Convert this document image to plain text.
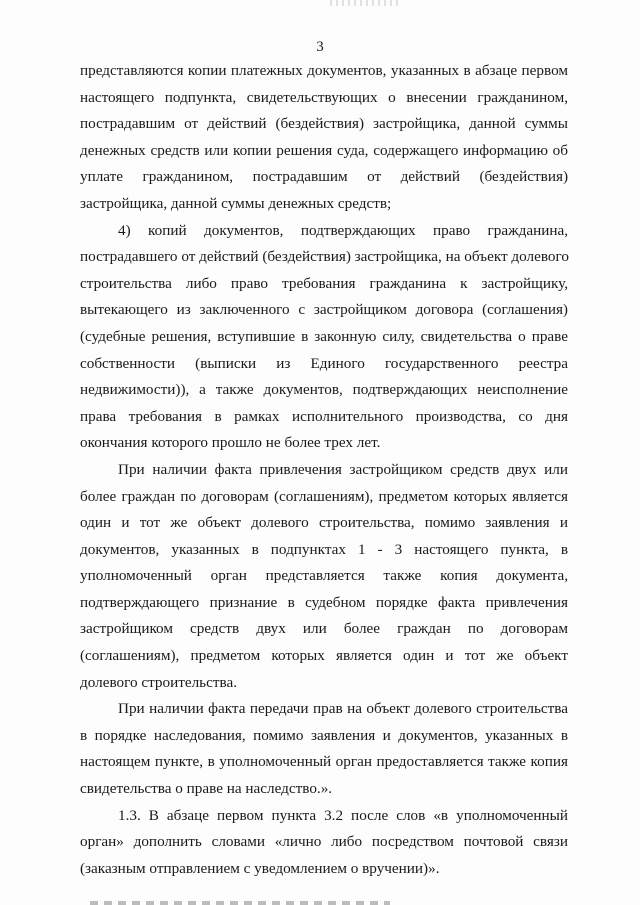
3
представляются копии платежных документов, указанных в абзаце первом
настоящего подпункта, свидетельствующих о внесении гражданином,
пострадавшим от действий (бездействия) застройщика, данной суммы
денежных средств или копии решения суда, содержащего информацию об
уплате гражданином, пострадавшим от действий (бездействия)
застройщика, данной суммы денежных средств;
4) копий документов, подтверждающих право гражданина,
пострадавшего от действий (бездействия) застройщика, на объект долевого
строительства либо право требования гражданина к застройщику,
вытекающего из заключенного с застройщиком договора (соглашения)
(судебные решения, вступившие в законную силу, свидетельства о праве
собственности (выписки из Единого государственного реестра
недвижимости)), а также документов, подтверждающих неисполнение
права требования в рамках исполнительного производства, со дня
окончания которого прошло не более трех лет.
При наличии факта привлечения застройщиком средств двух или
более граждан по договорам (соглашениям), предметом которых является
один и тот же объект долевого строительства, помимо заявления и
документов, указанных в подпунктах 1 - 3 настоящего пункта, в
уполномоченный орган представляется также копия документа,
подтверждающего признание в судебном порядке факта привлечения
застройщиком средств двух или более граждан по договорам
(соглашениям), предметом которых является один и тот же объект
долевого строительства.
При наличии факта передачи прав на объект долевого строительства
в порядке наследования, помимо заявления и документов, указанных в
настоящем пункте, в уполномоченный орган предоставляется также копия
свидетельства о праве на наследство.».
1.3. В абзаце первом пункта 3.2 после слов «в уполномоченный
орган» дополнить словами «лично либо посредством почтовой связи
(заказным отправлением с уведомлением о вручении)».
